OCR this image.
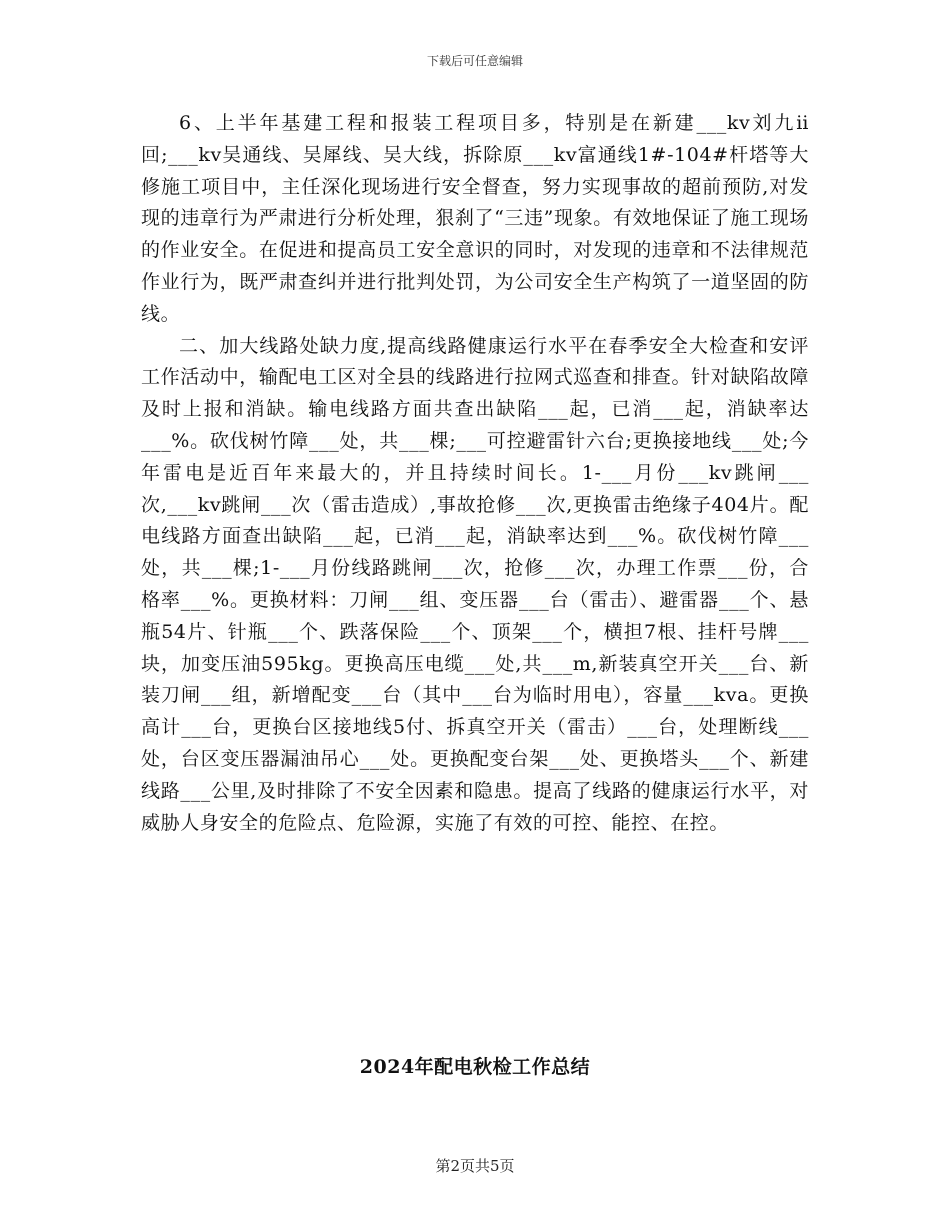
下载后可任意编辑

6、上半年基建工程和报装工程项目多，特别是在新建___kv刘九ⅱ回;___kv吴通线、吴犀线、吴大线，拆除原___kv富通线1#-104#杆塔等大修施工项目中，主任深化现场进行安全督查，努力实现事故的超前预防,对发现的违章行为严肃进行分析处理，狠刹了“三违”现象。有效地保证了施工现场的作业安全。在促进和提高员工安全意识的同时，对发现的违章和不法律规范作业行为，既严肃查纠并进行批判处罚，为公司安全生产构筑了一道坚固的防线。

二、加大线路处缺力度,提高线路健康运行水平在春季安全大检查和安评工作活动中，输配电工区对全县的线路进行拉网式巡查和排查。针对缺陷故障及时上报和消缺。输电线路方面共查出缺陷___起，已消___起，消缺率达___%。砍伐树竹障___处，共___棵;___可控避雷针六台;更换接地线___处;今年雷电是近百年来最大的，并且持续时间长。1-___月份___kv跳闸___次,___kv跳闸___次（雷击造成）,事故抢修___次,更换雷击绝缘子404片。配电线路方面查出缺陷___起，已消___起，消缺率达到___%。砍伐树竹障___处，共___棵;1-___月份线路跳闸___次，抢修___次，办理工作票___份，合格率___%。更换材料：刀闸___组、变压器___台（雷击）、避雷器___个、悬瓶54片、针瓶___个、跌落保险___个、顶架___个，横担7根、挂杆号牌___块，加变压油595kg。更换高压电缆___处,共___m,新装真空开关___台、新装刀闸___组，新增配变___台（其中___台为临时用电），容量___kva。更换高计___台，更换台区接地线5付、拆真空开关（雷击）___台，处理断线___处，台区变压器漏油吊心___处。更换配变台架___处、更换塔头___个、新建线路___公里,及时排除了不安全因素和隐患。提高了线路的健康运行水平，对威胁人身安全的危险点、危险源，实施了有效的可控、能控、在控。

2024年配电秋检工作总结
第2页共5页
